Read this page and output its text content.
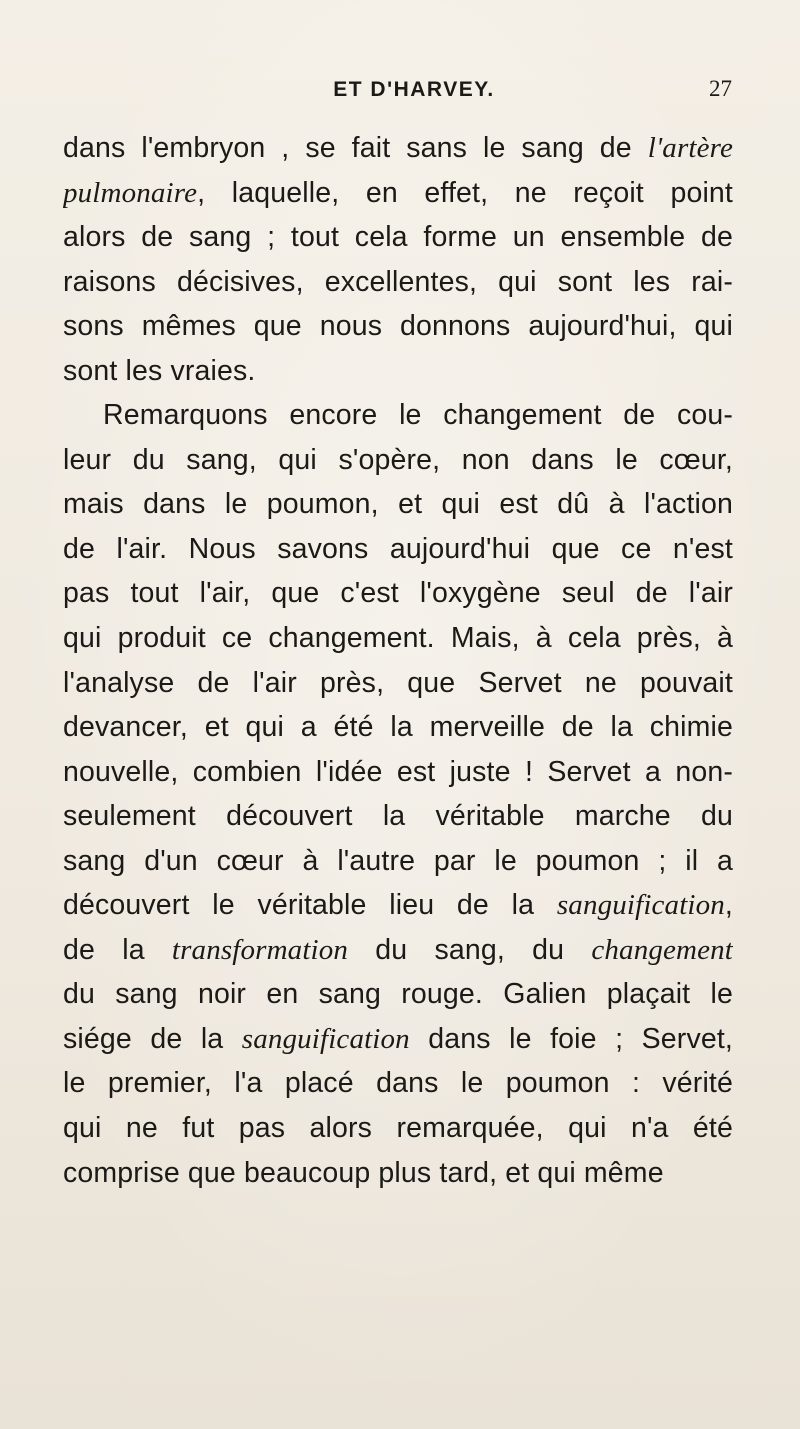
ET D'HARVEY.	27
dans l'embryon , se fait sans le sang de l'artère
pulmonaire, laquelle, en effet, ne reçoit point
alors de sang ; tout cela forme un ensemble de
raisons décisives, excellentes, qui sont les rai-
sons mêmes que nous donnons aujourd'hui, qui
sont les vraies.
Remarquons encore le changement de cou-
leur du sang, qui s'opère, non dans le cœur,
mais dans le poumon, et qui est dû à l'action
de l'air. Nous savons aujourd'hui que ce n'est
pas tout l'air, que c'est l'oxygène seul de l'air
qui produit ce changement. Mais, à cela près, à
l'analyse de l'air près, que Servet ne pouvait
devancer, et qui a été la merveille de la chimie
nouvelle, combien l'idée est juste ! Servet a non-
seulement découvert la véritable marche du
sang d'un cœur à l'autre par le poumon ; il a
découvert le véritable lieu de la sanguification,
de la transformation du sang, du changement
du sang noir en sang rouge. Galien plaçait le
siége de la sanguification dans le foie ; Servet,
le premier, l'a placé dans le poumon : vérité
qui ne fut pas alors remarquée, qui n'a été
comprise que beaucoup plus tard, et qui même
